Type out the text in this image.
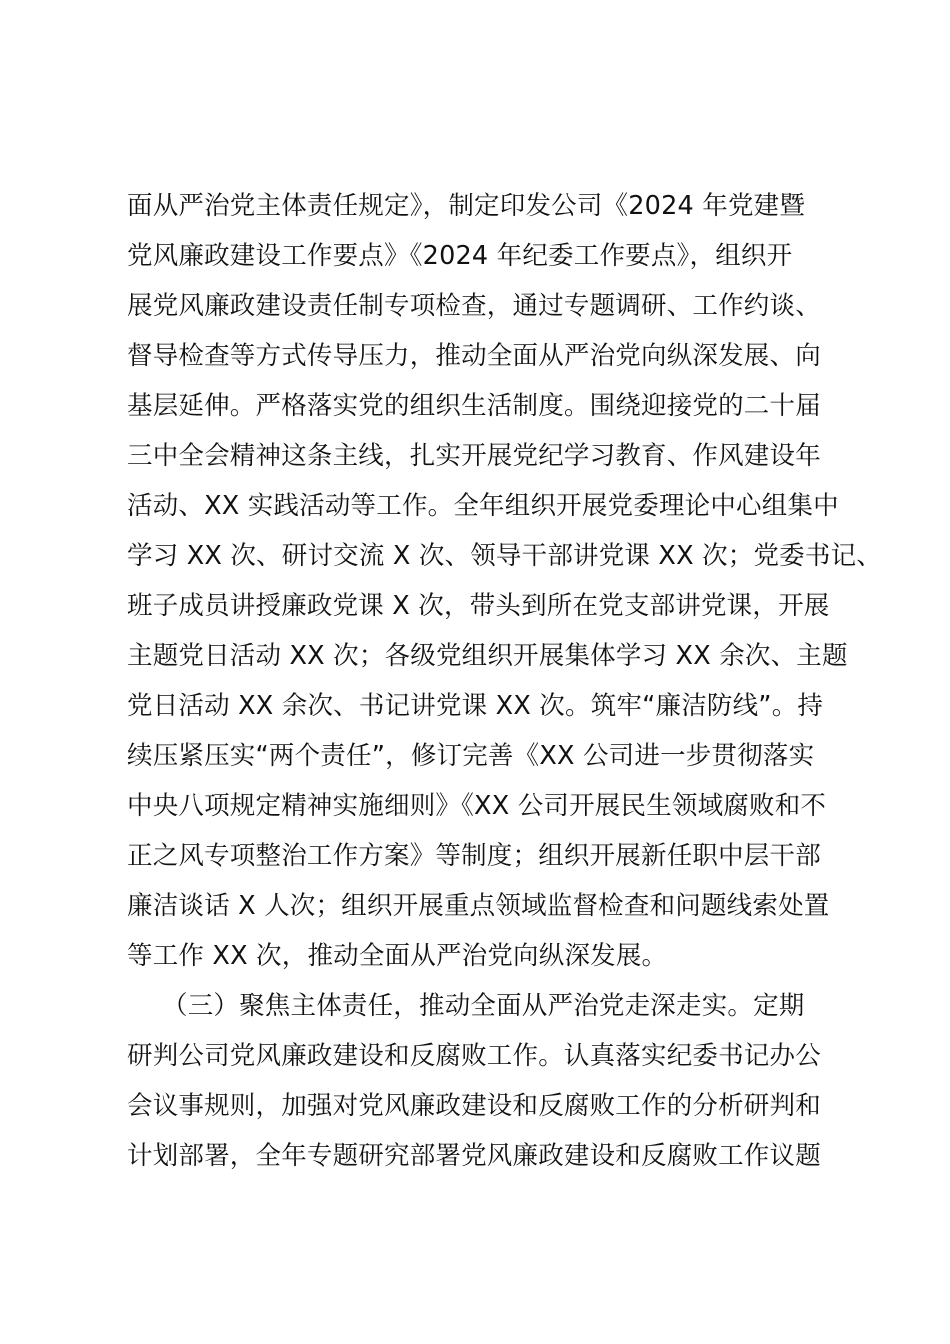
面从严治党主体责任规定》，制定印发公司《2024 年党建暨
党风廉政建设工作要点》《2024 年纪委工作要点》，组织开
展党风廉政建设责任制专项检查，通过专题调研、工作约谈、
督导检查等方式传导压力，推动全面从严治党向纵深发展、向
基层延伸。严格落实党的组织生活制度。围绕迎接党的二十届
三中全会精神这条主线，扎实开展党纪学习教育、作风建设年
活动、XX 实践活动等工作。全年组织开展党委理论中心组集中
学习 XX 次、研讨交流 X 次、领导干部讲党课 XX 次；党委书记、
班子成员讲授廉政党课 X 次，带头到所在党支部讲党课，开展
主题党日活动 XX 次；各级党组织开展集体学习 XX 余次、主题
党日活动 XX 余次、书记讲党课 XX 次。筑牢“廉洁防线”。持
续压紧压实“两个责任”，修订完善《XX 公司进一步贯彻落实
中央八项规定精神实施细则》《XX 公司开展民生领域腐败和不
正之风专项整治工作方案》等制度；组织开展新任职中层干部
廉洁谈话 X 人次；组织开展重点领域监督检查和问题线索处置
等工作 XX 次，推动全面从严治党向纵深发展。
（三）聚焦主体责任，推动全面从严治党走深走实。定期
研判公司党风廉政建设和反腐败工作。认真落实纪委书记办公
会议事规则，加强对党风廉政建设和反腐败工作的分析研判和
计划部署，全年专题研究部署党风廉政建设和反腐败工作议题
